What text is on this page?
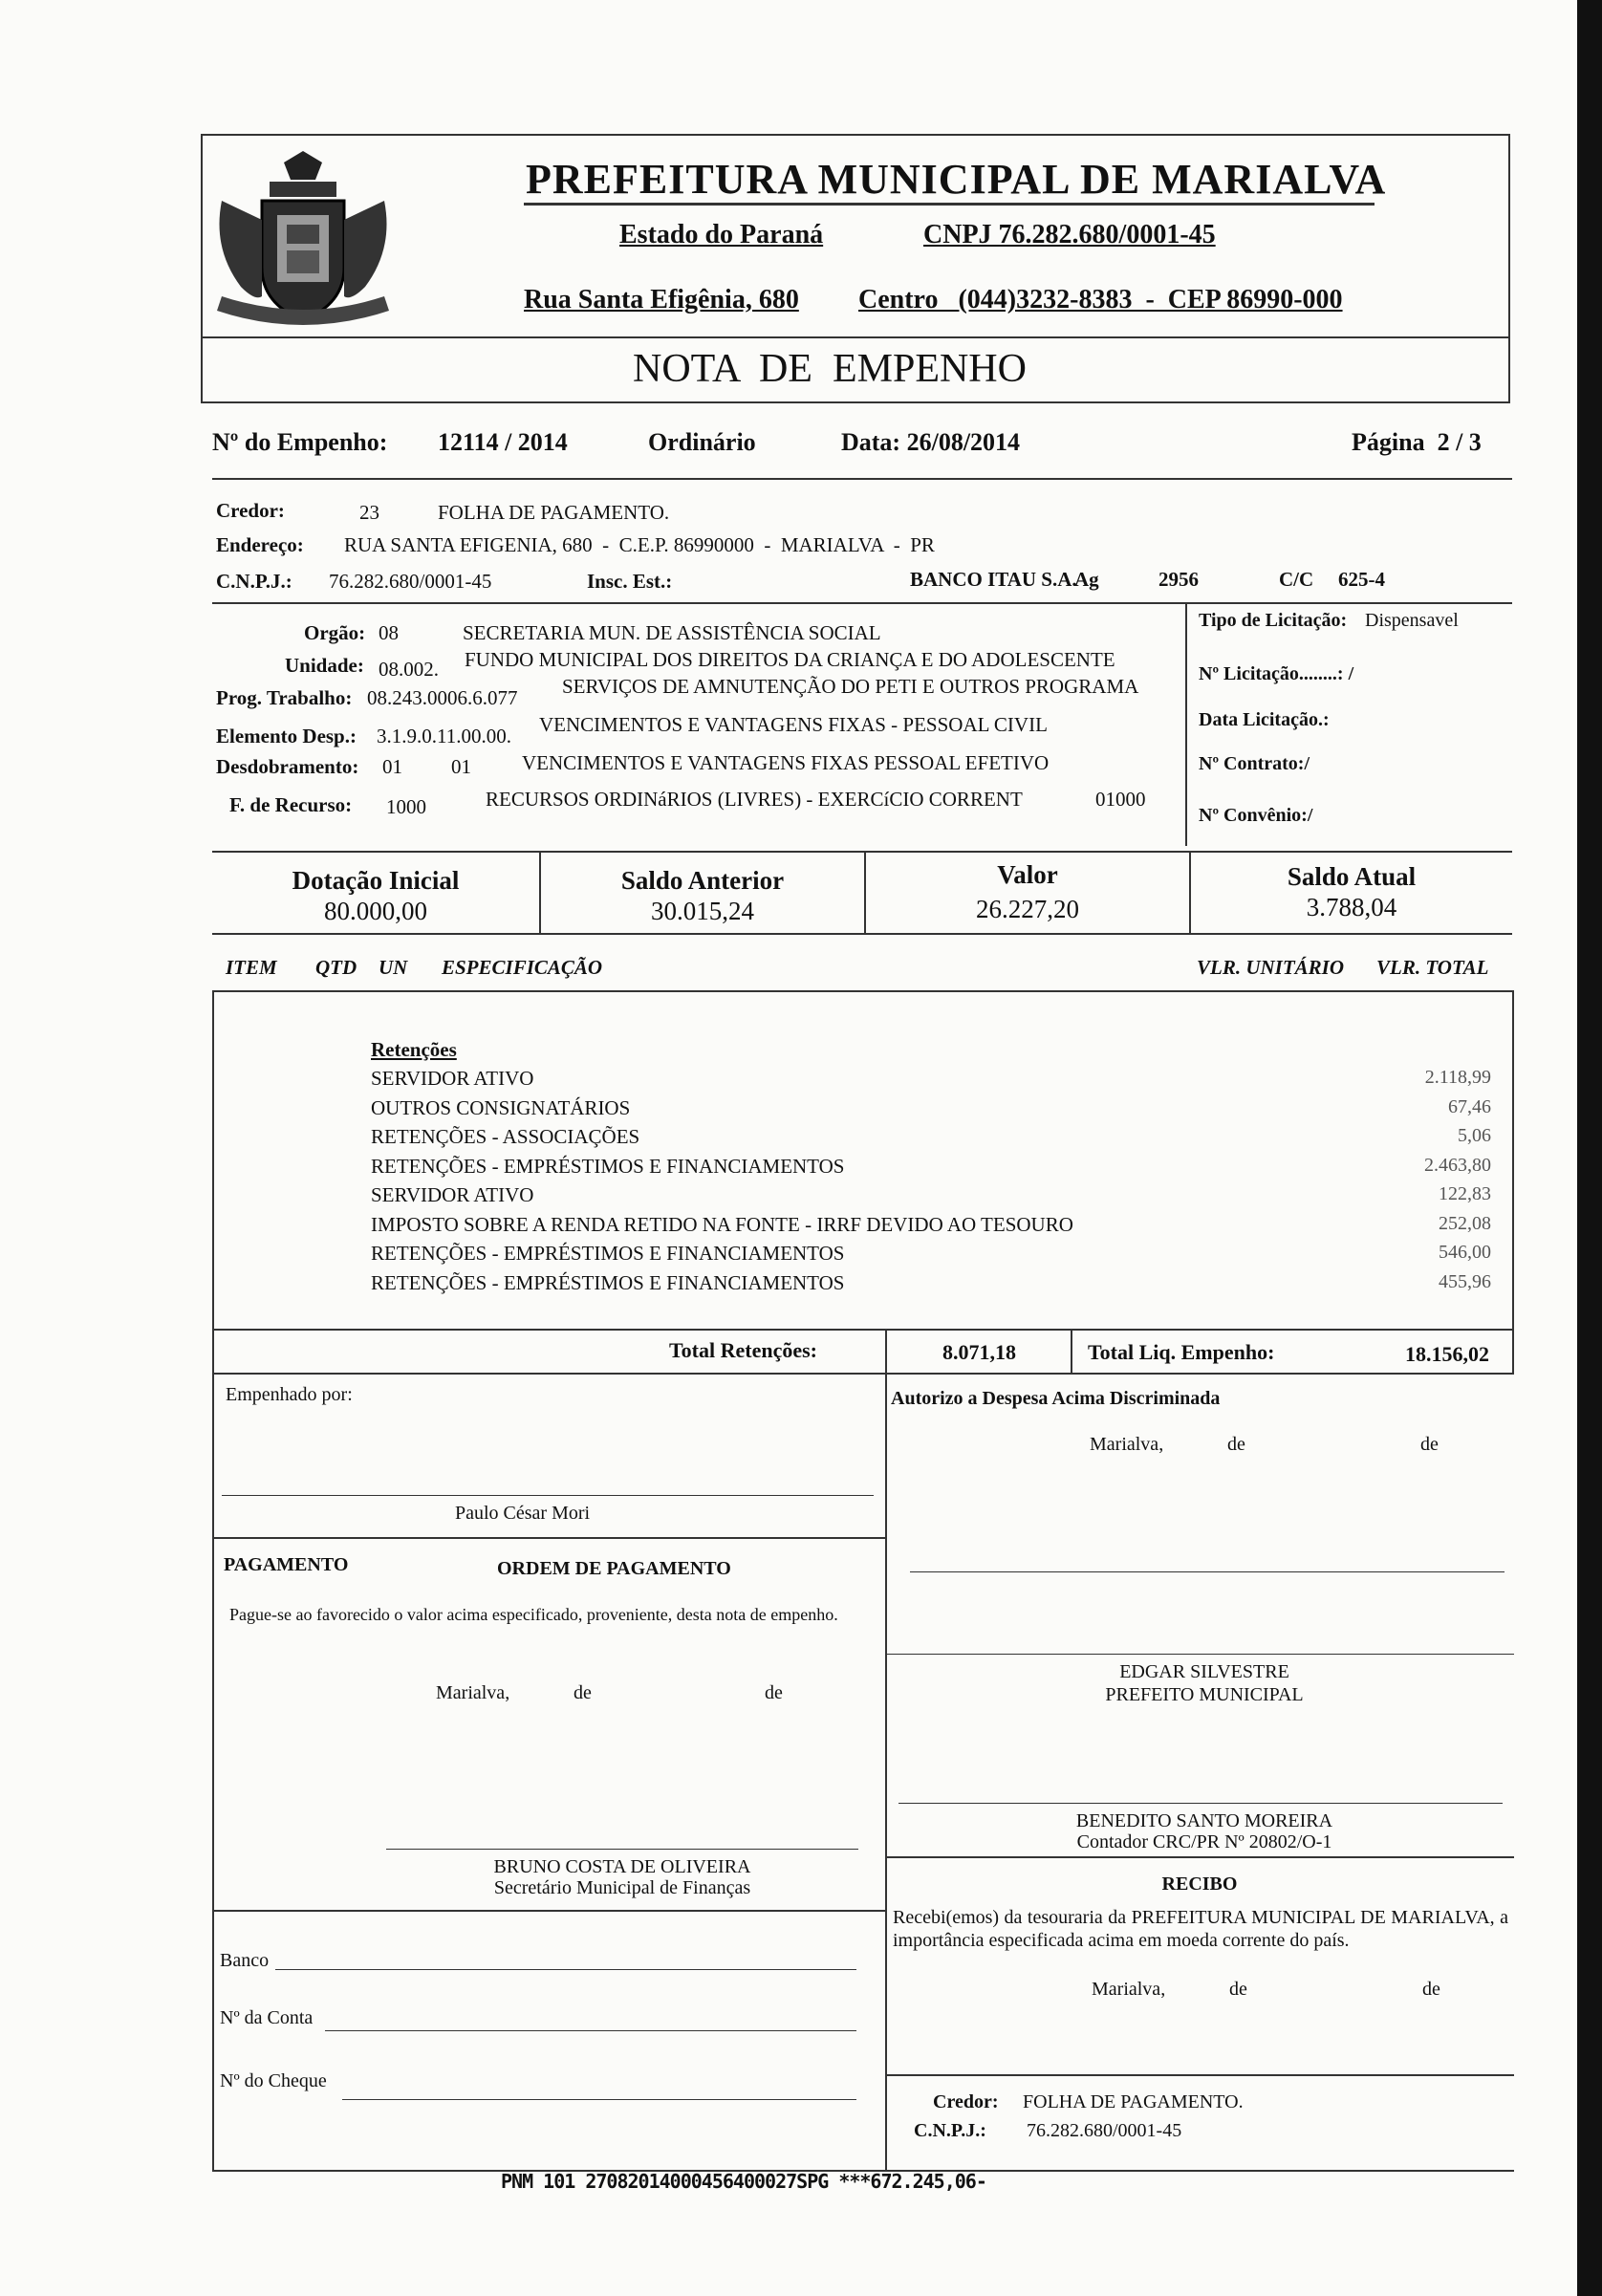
PREFEITURA MUNICIPAL DE MARIALVA
Estado do Paraná	CNPJ 76.282.680/0001-45
Rua Santa Efigênia, 680 Centro   (044)3232-8383  -  CEP 86990-000
NOTA  DE  EMPENHO
Nº do Empenho: 12114 / 2014	Ordinário	Data: 26/08/2014	Página  2 / 3
Credor:	23	FOLHA DE PAGAMENTO.
Endereço: RUA SANTA EFIGENIA, 680  -  C.E.P. 86990000  -  MARIALVA  -  PR
C.N.P.J.: 76.282.680/0001-45	Insc. Est.:	BANCO ITAU S.A.
Ag	2956	C/C 625-4
Orgão: 08	SECRETARIA MUN. DE ASSISTÊNCIA SOCIAL
Unidade: 08.002. FUNDO MUNICIPAL DOS DIREITOS DA CRIANÇA E DO ADOLESCENTE
Prog. Trabalho: 08.243.0006.6.077 SERVIÇOS DE AMNUTENÇÃO DO PETI E OUTROS PROGRAMA
Elemento Desp.: 3.1.9.0.11.00.00. VENCIMENTOS E VANTAGENS FIXAS - PESSOAL CIVIL
Desdobramento: 01 01	VENCIMENTOS E VANTAGENS FIXAS PESSOAL EFETIVO
F. de Recurso: 1000	RECURSOS ORDINáRIOS (LIVRES) - EXERCíCIO CORRENT	01000
Tipo de Licitação: Dispensavel
Nº Licitação........: /
Data Licitação.:
Nº Contrato:/
Nº Convênio:/
Dotação Inicial
80.000,00
Saldo Anterior
30.015,24
Valor
26.227,20
Saldo Atual
3.788,04
ITEM QTD UN ESPECIFICAÇÃO	VLR. UNITÁRIO VLR. TOTAL
Retenções
SERVIDOR ATIVO	2.118,99
OUTROS CONSIGNATÁRIOS	67,46
RETENÇÕES - ASSOCIAÇÕES	5,06
RETENÇÕES - EMPRÉSTIMOS E FINANCIAMENTOS	2.463,80
SERVIDOR ATIVO	122,83
IMPOSTO SOBRE A RENDA RETIDO NA FONTE - IRRF DEVIDO AO TESOURO	252,08
RETENÇÕES - EMPRÉSTIMOS E FINANCIAMENTOS	546,00
RETENÇÕES - EMPRÉSTIMOS E FINANCIAMENTOS	455,96
Total Retenções:	8.071,18	Total Liq. Empenho:	18.156,02
Empenhado por:	Autorizo a Despesa Acima Discriminada
Marialva,	de	de
Paulo César Mori
PAGAMENTO	ORDEM DE PAGAMENTO
Pague-se ao favorecido o valor acima especificado, proveniente, desta nota de empenho.
Marialva,	de	de
EDGAR SILVESTRE
PREFEITO MUNICIPAL
BENEDITO SANTO MOREIRA
Contador CRC/PR Nº 20802/O-1
BRUNO COSTA DE OLIVEIRA
Secretário Municipal de Finanças	RECIBO
Recebi(emos) da tesouraria da PREFEITURA MUNICIPAL DE MARIALVA, a importância especificada acima em moeda corrente do país.
Marialva,	de	de
Banco
Nº da Conta
Nº do Cheque
Credor: FOLHA DE PAGAMENTO.
C.N.P.J.: 76.282.680/0001-45
PNM 101 27082014000456400027SPG ***672.245,06-
